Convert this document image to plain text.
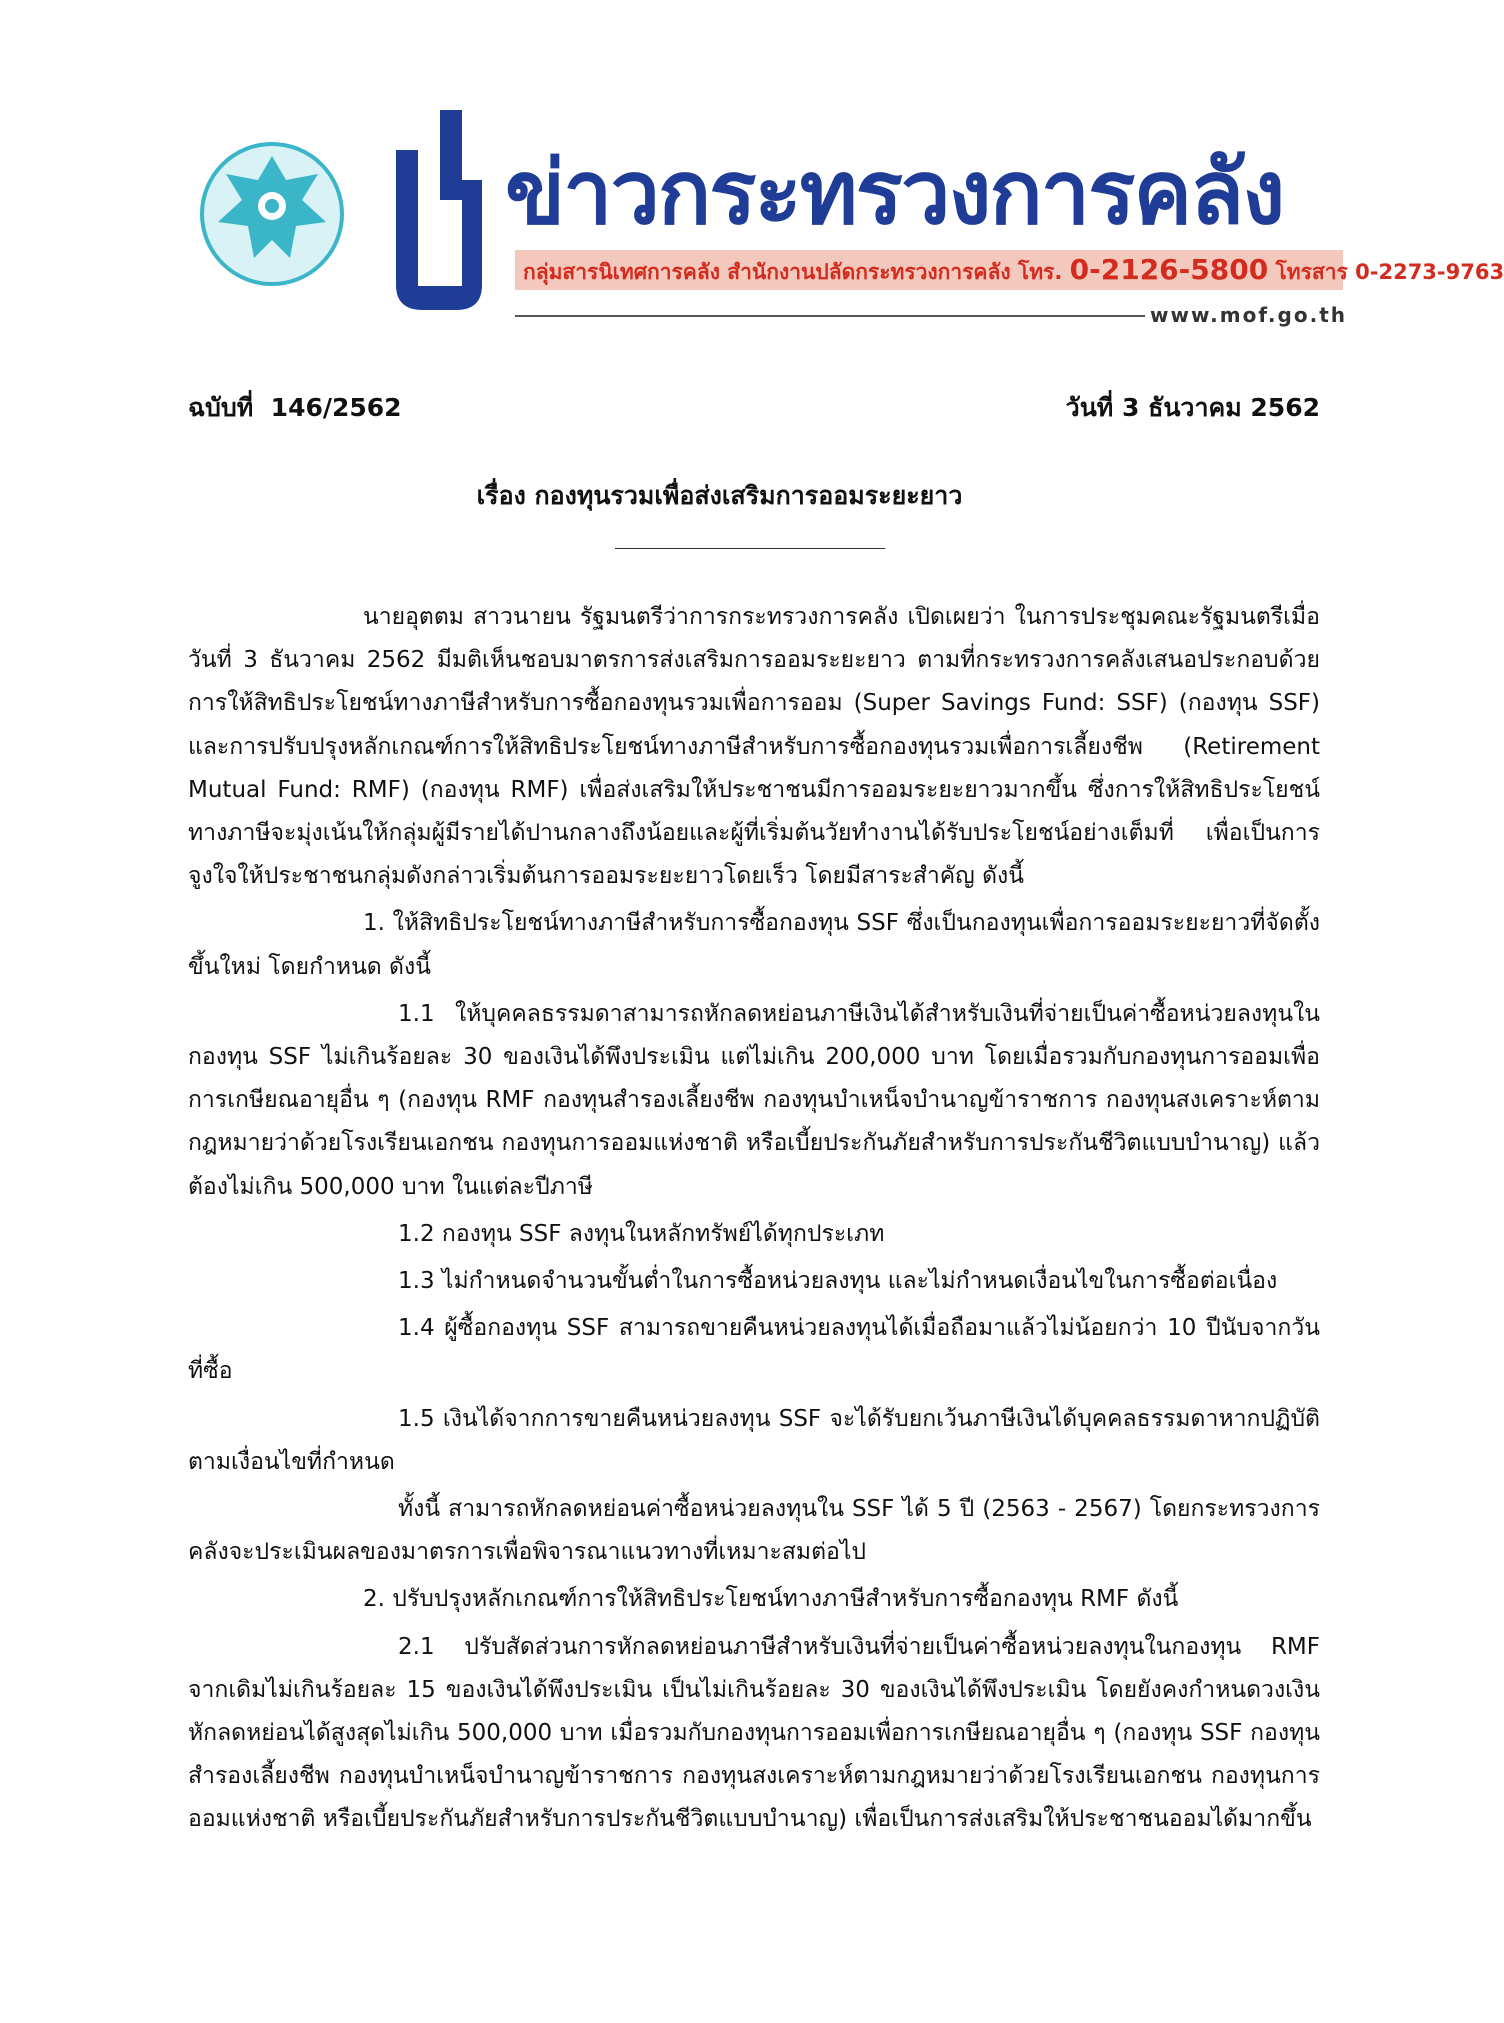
ข่าวกระทรวงการคลัง
กลุ่มสารนิเทศการคลัง สำนักงานปลัดกระทรวงการคลัง โทร. 0-2126-5800 โทรสาร 0-2273-9763
www.mof.go.th
ฉบับที่ 146/2562	วันที่ 3 ธันวาคม 2562
เรื่อง กองทุนรวมเพื่อส่งเสริมการออมระยะยาว

นายอุตตม สาวนายน รัฐมนตรีว่าการกระทรวงการคลัง เปิดเผยว่า ในการประชุมคณะรัฐมนตรีเมื่อวันที่ 3 ธันวาคม 2562 มีมติเห็นชอบมาตรการส่งเสริมการออมระยะยาว ตามที่กระทรวงการคลังเสนอประกอบด้วย การให้สิทธิประโยชน์ทางภาษีสำหรับการซื้อกองทุนรวมเพื่อการออม (Super Savings Fund: SSF) (กองทุน SSF) และการปรับปรุงหลักเกณฑ์การให้สิทธิประโยชน์ทางภาษีสำหรับการซื้อกองทุนรวมเพื่อการเลี้ยงชีพ (Retirement Mutual Fund: RMF) (กองทุน RMF) เพื่อส่งเสริมให้ประชาชนมีการออมระยะยาวมากขึ้น ซึ่งการให้สิทธิประโยชน์ทางภาษีจะมุ่งเน้นให้กลุ่มผู้มีรายได้ปานกลางถึงน้อยและผู้ที่เริ่มต้นวัยทำงานได้รับประโยชน์อย่างเต็มที่ เพื่อเป็นการจูงใจให้ประชาชนกลุ่มดังกล่าวเริ่มต้นการออมระยะยาวโดยเร็ว โดยมีสาระสำคัญ ดังนี้

1. ให้สิทธิประโยชน์ทางภาษีสำหรับการซื้อกองทุน SSF ซึ่งเป็นกองทุนเพื่อการออมระยะยาวที่จัดตั้งขึ้นใหม่ โดยกำหนด ดังนี้

1.1 ให้บุคคลธรรมดาสามารถหักลดหย่อนภาษีเงินได้สำหรับเงินที่จ่ายเป็นค่าซื้อหน่วยลงทุนในกองทุน SSF ไม่เกินร้อยละ 30 ของเงินได้พึงประเมิน แต่ไม่เกิน 200,000 บาท โดยเมื่อรวมกับกองทุนการออมเพื่อการเกษียณอายุอื่น ๆ (กองทุน RMF กองทุนสำรองเลี้ยงชีพ กองทุนบำเหน็จบำนาญข้าราชการ กองทุนสงเคราะห์ตามกฎหมายว่าด้วยโรงเรียนเอกชน กองทุนการออมแห่งชาติ หรือเบี้ยประกันภัยสำหรับการประกันชีวิตแบบบำนาญ) แล้วต้องไม่เกิน 500,000 บาท ในแต่ละปีภาษี

1.2 กองทุน SSF ลงทุนในหลักทรัพย์ได้ทุกประเภท

1.3 ไม่กำหนดจำนวนขั้นต่ำในการซื้อหน่วยลงทุน และไม่กำหนดเงื่อนไขในการซื้อต่อเนื่อง

1.4 ผู้ซื้อกองทุน SSF สามารถขายคืนหน่วยลงทุนได้เมื่อถือมาแล้วไม่น้อยกว่า 10 ปีนับจากวันที่ซื้อ

1.5 เงินได้จากการขายคืนหน่วยลงทุน SSF จะได้รับยกเว้นภาษีเงินได้บุคคลธรรมดาหากปฏิบัติตามเงื่อนไขที่กำหนด

ทั้งนี้ สามารถหักลดหย่อนค่าซื้อหน่วยลงทุนใน SSF ได้ 5 ปี (2563 - 2567) โดยกระทรวงการคลังจะประเมินผลของมาตรการเพื่อพิจารณาแนวทางที่เหมาะสมต่อไป

2. ปรับปรุงหลักเกณฑ์การให้สิทธิประโยชน์ทางภาษีสำหรับการซื้อกองทุน RMF ดังนี้

2.1 ปรับสัดส่วนการหักลดหย่อนภาษีสำหรับเงินที่จ่ายเป็นค่าซื้อหน่วยลงทุนในกองทุน RMF จากเดิมไม่เกินร้อยละ 15 ของเงินได้พึงประเมิน เป็นไม่เกินร้อยละ 30 ของเงินได้พึงประเมิน โดยยังคงกำหนดวงเงินหักลดหย่อนได้สูงสุดไม่เกิน 500,000 บาท เมื่อรวมกับกองทุนการออมเพื่อการเกษียณอายุอื่น ๆ (กองทุน SSF กองทุนสำรองเลี้ยงชีพ กองทุนบำเหน็จบำนาญข้าราชการ กองทุนสงเคราะห์ตามกฎหมายว่าด้วยโรงเรียนเอกชน กองทุนการออมแห่งชาติ หรือเบี้ยประกันภัยสำหรับการประกันชีวิตแบบบำนาญ) เพื่อเป็นการส่งเสริมให้ประชาชนออมได้มากขึ้น
